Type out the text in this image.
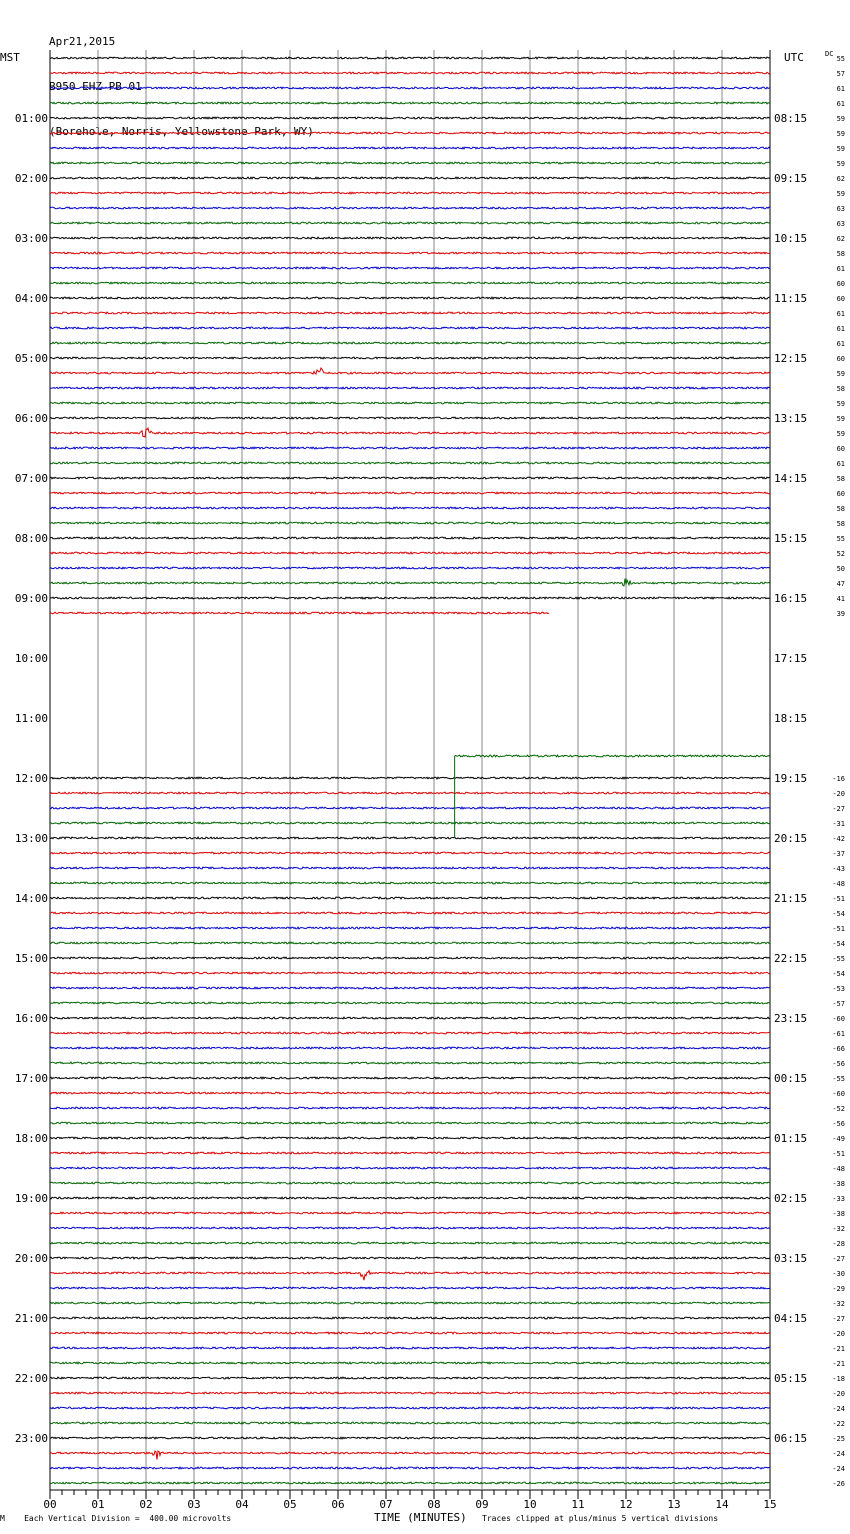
Apr21,2015

B950 EHZ PB 01

(Borehole, Norris, Yellowstone Park, WY)

00	01	02	03	04	05	06	07	08	09	10	11	12	13	14	15
MST	UTC	DC
01:00
02:00
03:00
04:00
05:00
06:00
07:00
08:00
09:00
10:00
11:00
12:00
13:00
14:00
15:00
16:00
17:00
18:00
19:00
20:00
21:00
22:00
23:00
08:15
09:15
10:15
11:15
12:15
13:15
14:15
15:15
16:15
17:15
18:15
19:15
20:15
21:15
22:15
23:15
00:15
01:15
02:15
03:15
04:15
05:15
06:15
55
57
61
61
59
59
59
59
62
59
63
63
62
58
61
60
60
61
61
61
60
59
58
59
59
59
60
61
58
60
58
58
55
52
50
47
41
39
-16
-20
-27
-31
-42
-37
-43
-48
-51
-54
-51
-54
-55
-54
-53
-57
-60
-61
-66
-56
-55
-60
-52
-56
-49
-51
-48
-38
-33
-38
-32
-28
-27
-30
-29
-32
-27
-20
-21
-21
-18
-20
-24
-22
-25
-24
-24
-26
M Each Vertical Division =  400.00 microvolts	TIME (MINUTES) Traces clipped at plus/minus 5 vertical divisions
